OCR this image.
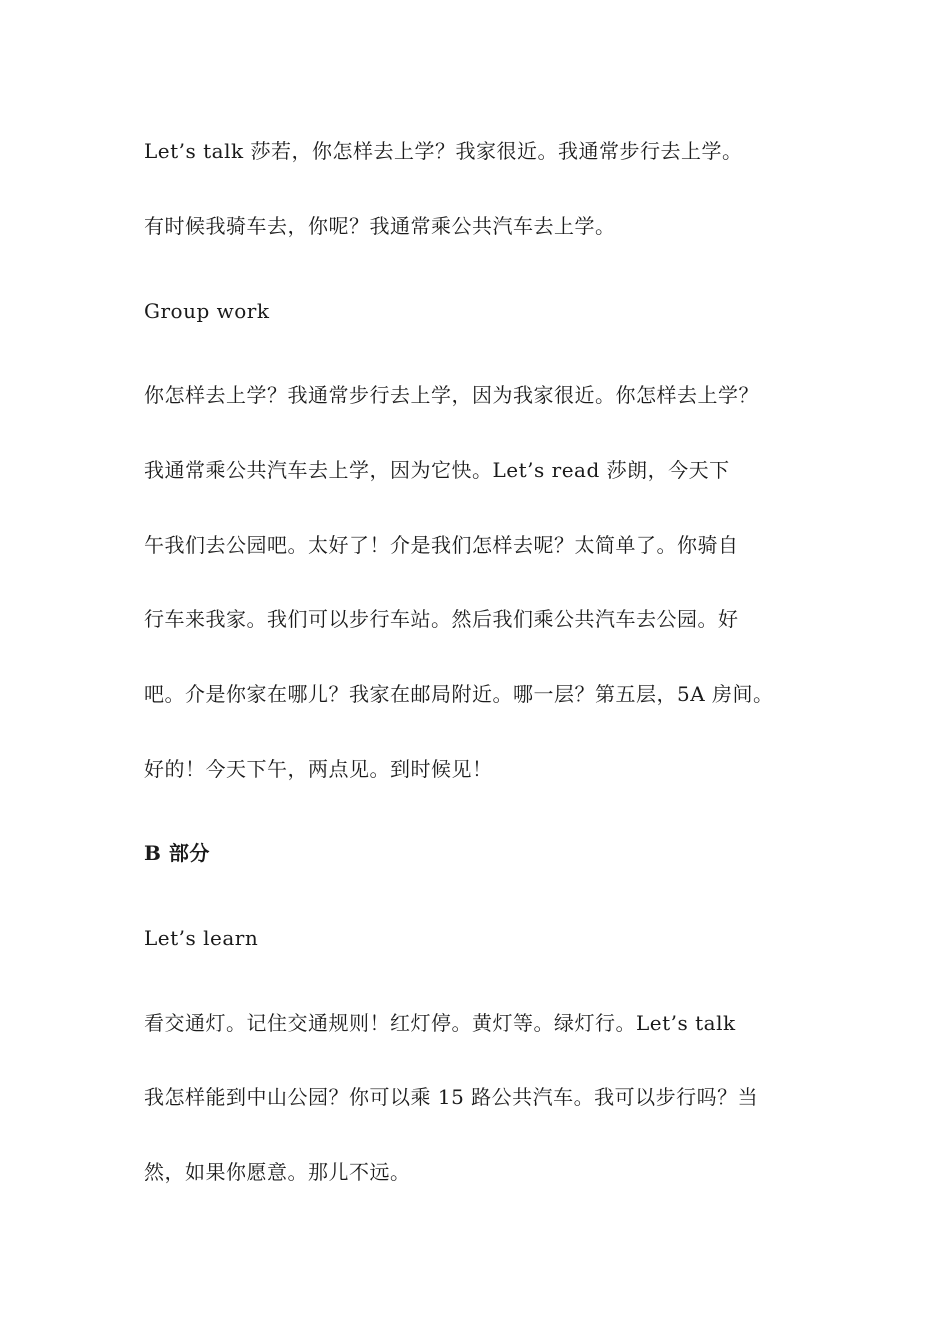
Let’s talk 莎若，你怎样去上学？我家很近。我通常步行去上学。
有时候我骑车去，你呢？我通常乘公共汽车去上学。
Group work
你怎样去上学？我通常步行去上学，因为我家很近。你怎样去上学？
我通常乘公共汽车去上学，因为它快。Let’s read 莎朗，今天下
午我们去公园吧。太好了！介是我们怎样去呢？太简单了。你骑自
行车来我家。我们可以步行车站。然后我们乘公共汽车去公园。好
吧。介是你家在哪儿？我家在邮局附近。哪一层？第五层，5A 房间。
好的！今天下午，两点见。到时候见！
B 部分
Let’s learn
看交通灯。记住交通规则！红灯停。黄灯等。绿灯行。Let’s talk
我怎样能到中山公园？你可以乘 15 路公共汽车。我可以步行吗？当
然，如果你愿意。那儿不远。
